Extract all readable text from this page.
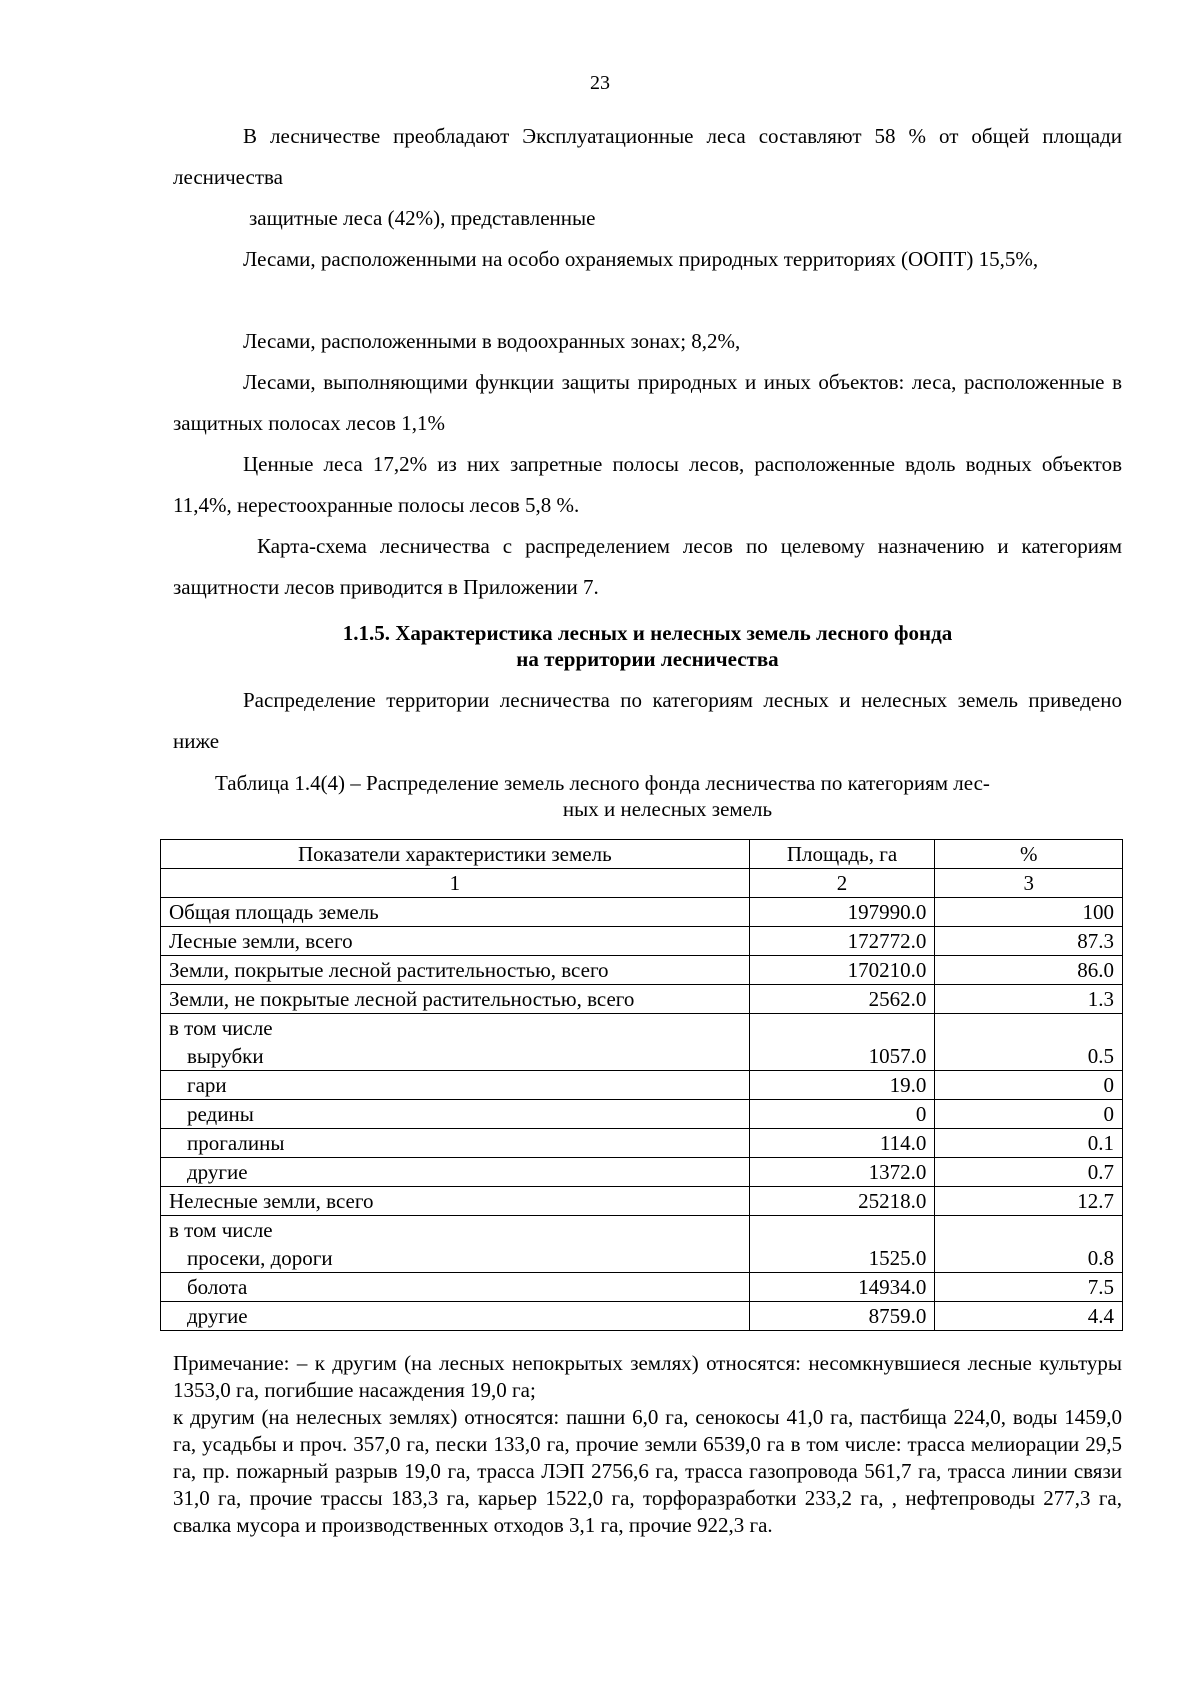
23

В лесничестве преобладают Эксплуатационные леса составляют 58 % от общей площади лесничества

защитные леса (42%), представленные

Лесами, расположенными на особо охраняемых природных территориях (ООПТ) 15,5%,

Лесами, расположенными в водоохранных зонах; 8,2%,

Лесами, выполняющими функции защиты природных и иных объектов: леса, расположенные в защитных полосах лесов 1,1%

Ценные леса 17,2% из них запретные полосы лесов, расположенные вдоль водных объектов 11,4%, нерестоохранные полосы лесов 5,8 %.

Карта-схема лесничества с распределением лесов по целевому назначению и категориям защитности лесов приводится в Приложении 7.

1.1.5. Характеристика лесных и нелесных земель лесного фонда
на территории лесничества

Распределение территории лесничества по категориям лесных и нелесных земель приведено ниже

Таблица 1.4(4) – Распределение земель лесного фонда лесничества по категориям лес-
ных и нелесных земель
Показатели характеристики земель	Площадь, га	%
1	2	3
Общая площадь земель	197990.0	100
Лесные земли, всего	172772.0	87.3
Земли, покрытые лесной растительностью, всего	170210.0	86.0
Земли, не покрытые лесной растительностью, всего	2562.0	1.3

в том числе
вырубки	1057.0	0.5

гари	19.0	0

редины	0	0

прогалины	114.0	0.1

другие	1372.0	0.7
Нелесные земли, всего	25218.0	12.7

в том числе
просеки, дороги	1525.0	0.8

болота	14934.0	7.5

другие	8759.0	4.4
Примечание: – к другим (на лесных непокрытых землях) относятся: несомкнувшиеся лесные культуры 1353,0 га, погибшие насаждения 19,0 га;
к другим (на нелесных землях) относятся: пашни 6,0 га, сенокосы 41,0 га, пастбища 224,0, воды 1459,0 га, усадьбы и проч. 357,0 га, пески 133,0 га, прочие земли 6539,0 га в том числе: трасса мелиорации 29,5 га, пр. пожарный разрыв 19,0 га, трасса ЛЭП 2756,6 га, трасса газопровода 561,7 га, трасса линии связи 31,0 га, прочие трассы 183,3 га, карьер 1522,0 га, торфоразработки 233,2 га, , нефтепроводы 277,3 га, свалка мусора и производственных отходов 3,1 га, прочие 922,3 га.
